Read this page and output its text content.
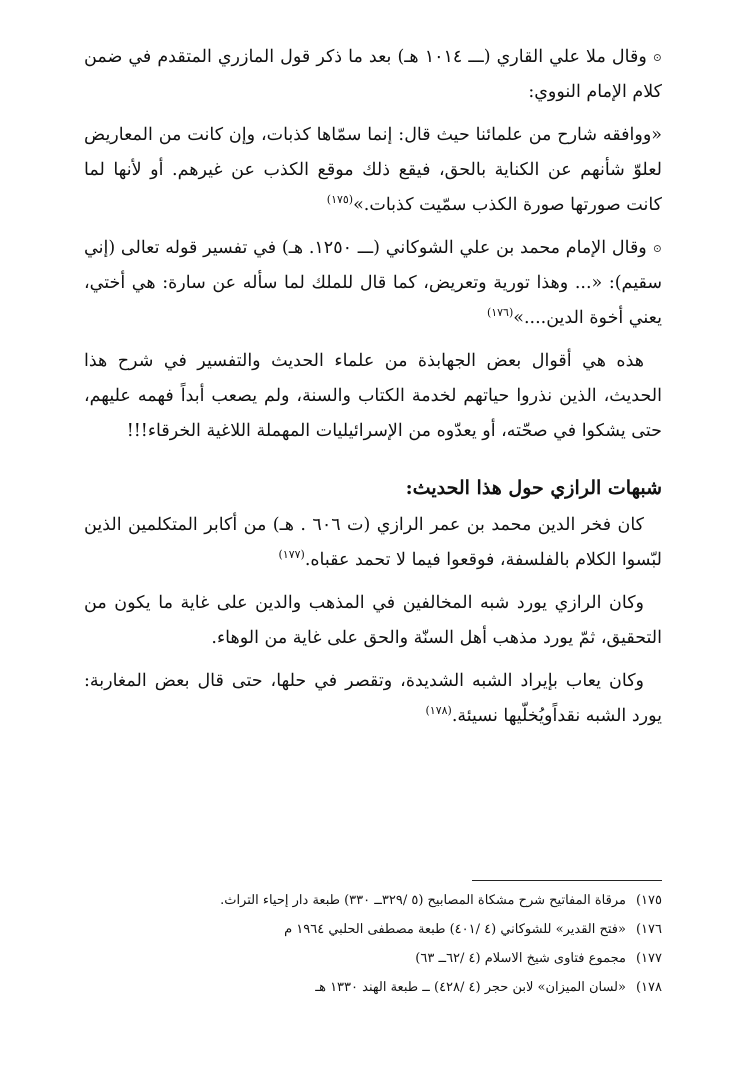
⊙وقال ملا علي القاري (ـــ ١٠١٤ هـ) بعد ما ذكر قول المازري المتقدم في ضمن كلام الإمام النووي:

«ووافقه شارح من علمائنا حيث قال: إنما سمّاها كذبات، وإن كانت من المعاريض لعلوّ شأنهم عن الكناية بالحق، فيقع ذلك موقع الكذب عن غيرهم. أو لأنها لما كانت صورتها صورة الكذب سمّيت كذبات.»$^{(١٧٥)}$

⊙وقال الإمام محمد بن علي الشوكاني (ـــ ١٢٥٠. هـ) في تفسير قوله تعالى (إني سقيم): «... وهذا تورية وتعريض، كما قال للملك لما سأله عن سارة: هي أختي، يعني أخوة الدين....»$^{(١٧٦)}$

هذه هي أقوال بعض الجهابذة من علماء الحديث والتفسير في شرح هذا الحديث، الذين نذروا حياتهم لخدمة الكتاب والسنة، ولم يصعب أبداً فهمه عليهم، حتى يشكوا في صحّته، أو يعدّوه من الإسرائيليات المهملة اللاغية الخرقاء!!!

شبهات الرازي حول هذا الحديث:

كان فخر الدين محمد بن عمر الرازي (ت ٦٠٦ . هـ) من أكابر المتكلمين الذين لبّسوا الكلام بالفلسفة، فوقعوا فيما لا تحمد عقباه.$^{(١٧٧)}$

وكان الرازي يورد شبه المخالفين في المذهب والدين على غاية ما يكون من التحقيق، ثمّ يورد مذهب أهل السنّة والحق على غاية من الوهاء.

وكان يعاب بإيراد الشبه الشديدة، وتقصر في حلها، حتى قال بعض المغاربة: يورد الشبه نقداًويُخلّيها نسيئة.$^{(١٧٨)}$

١٧٥)مرقاة المفاتيح شرح مشكاة المصابيح (٥ /٣٢٩ــ ٣٣٠) طبعة دار إحياء التراث.
١٧٦)«فتح القدير» للشوكاني (٤ /٤٠١) طبعة مصطفى الحلبي ١٩٦٤ م
١٧٧)مجموع فتاوى شيخ الاسلام (٤ /٦٢ــ ٦٣)
١٧٨)«لسان الميزان» لابن حجر (٤ /٤٢٨) ــ طبعة الهند ١٣٣٠ هـ
